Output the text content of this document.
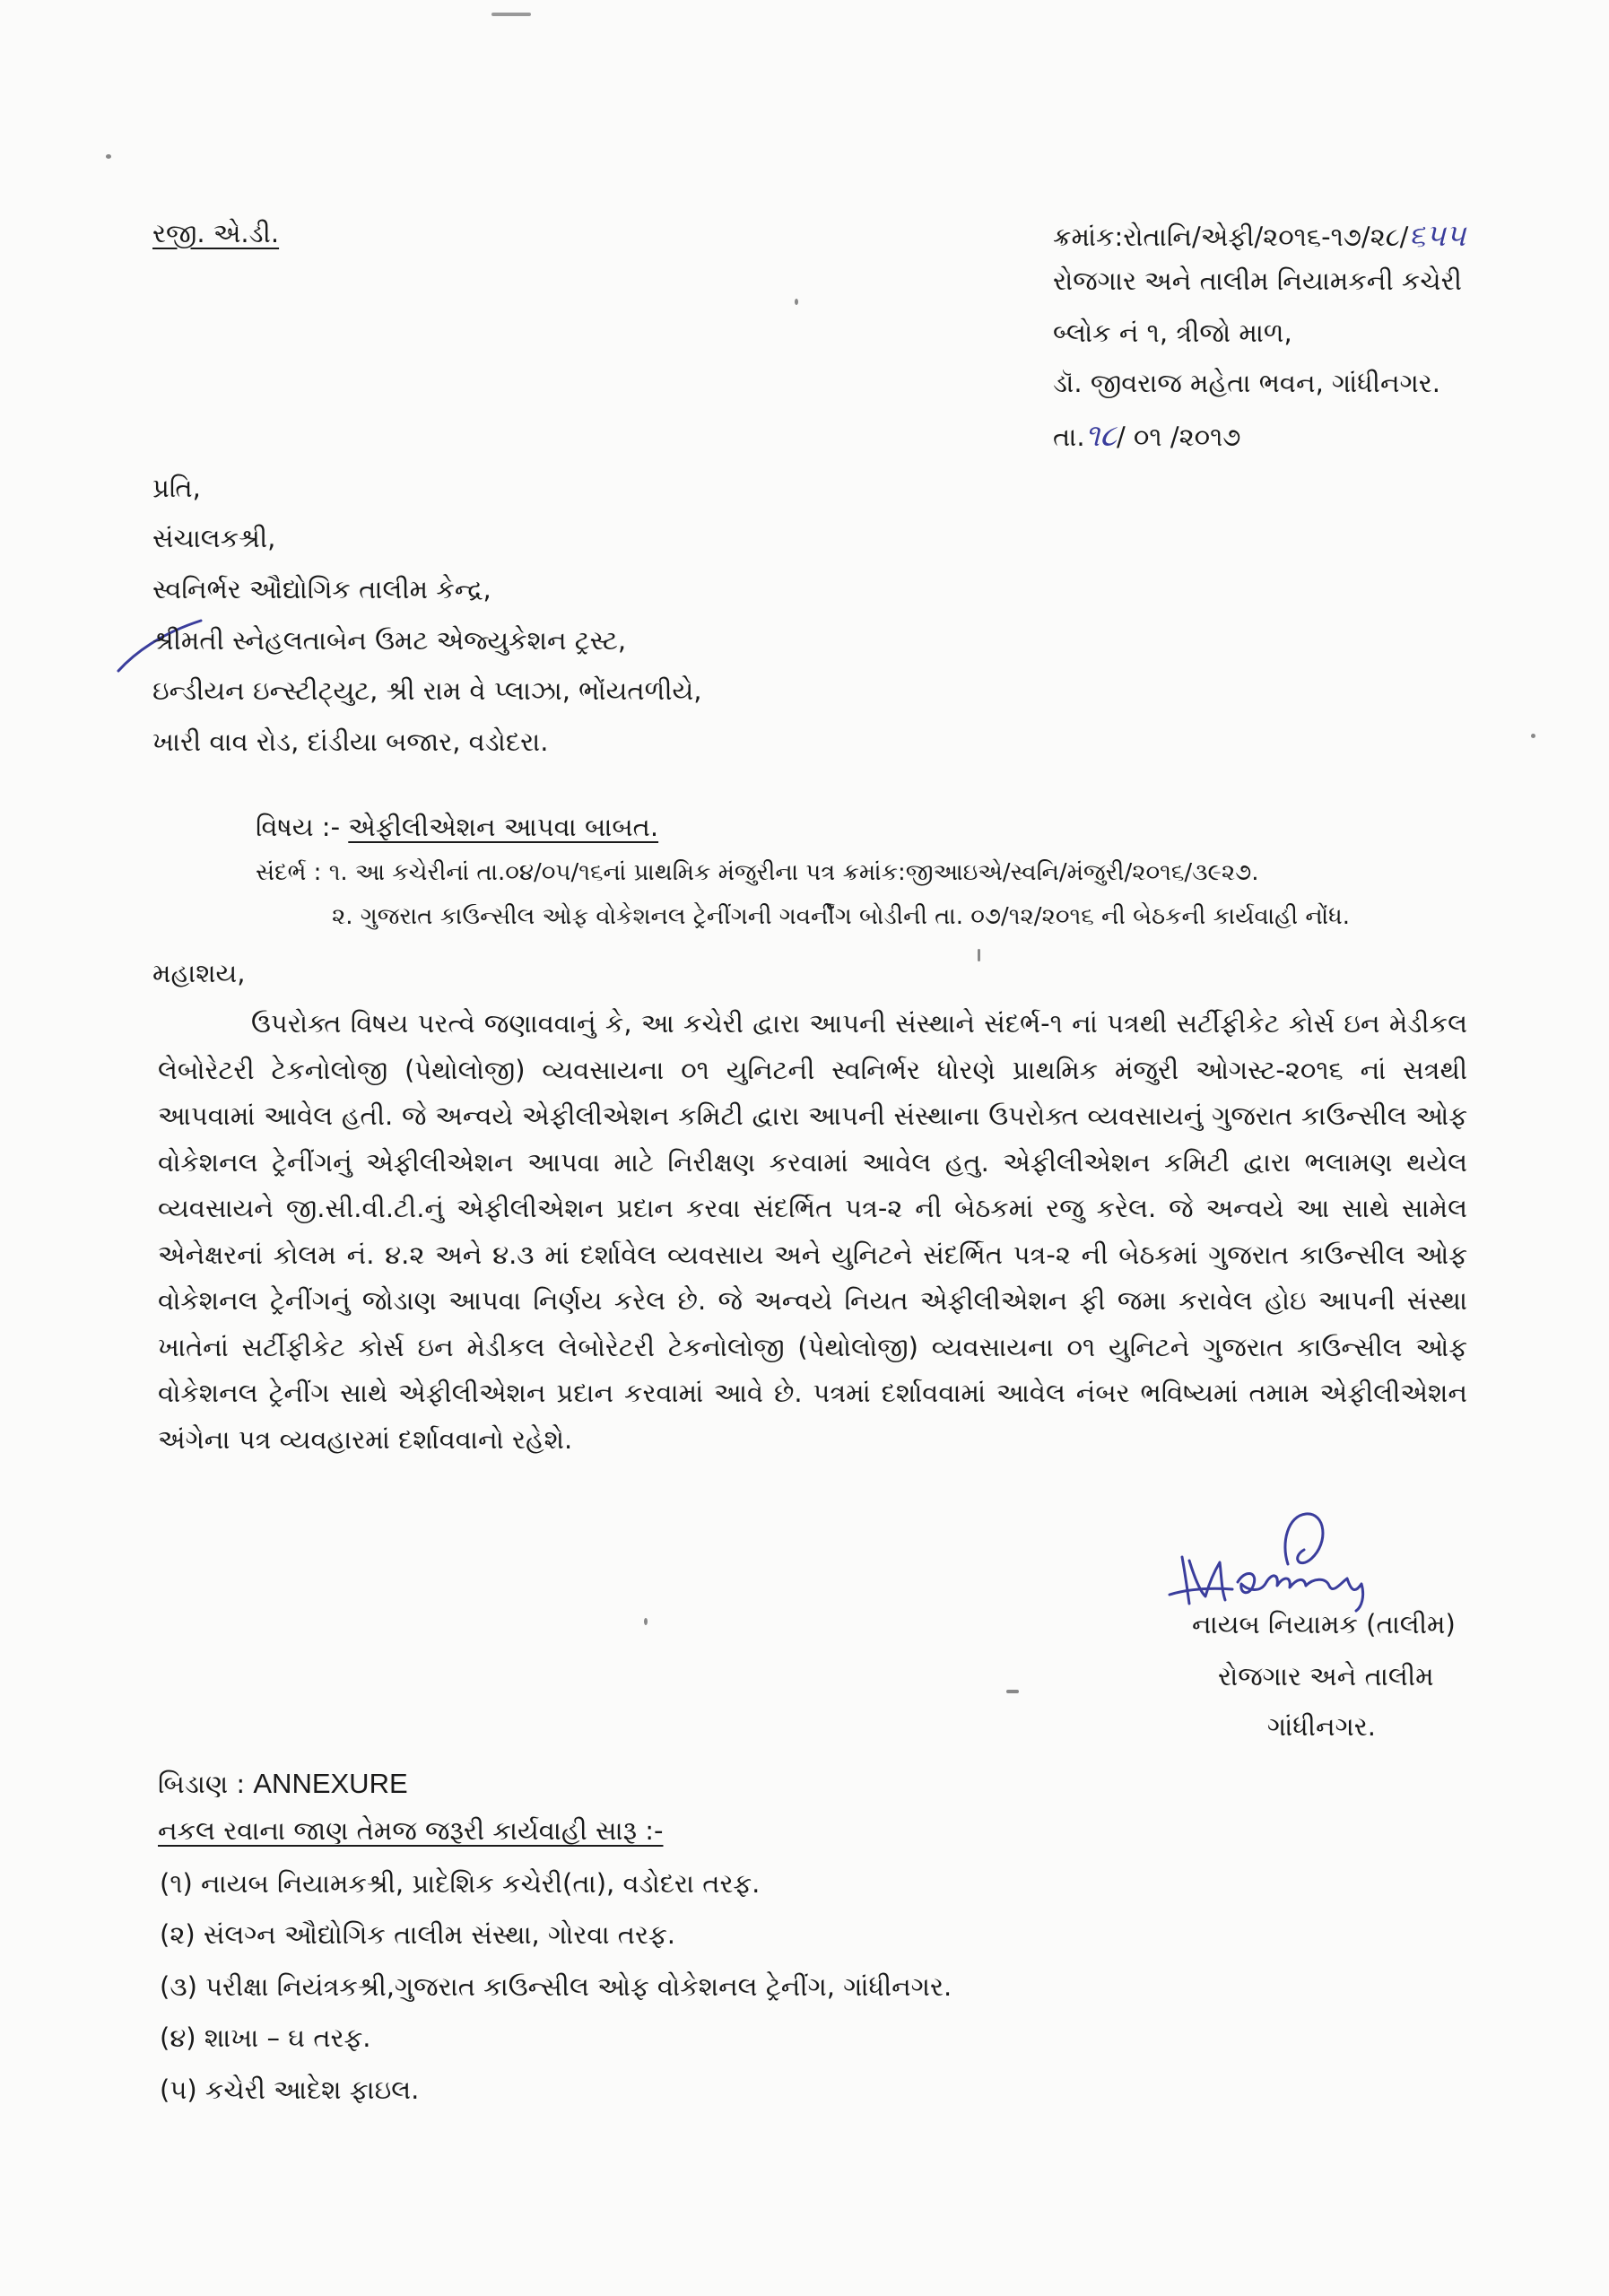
રજી. એ.ડી.	ક્રમાંક:રોતાનિ/એફી/૨૦૧૬-૧૭/૨૮/૬૫૫
રોજગાર અને તાલીમ નિયામકની કચેરી
બ્લોક નં ૧, ત્રીજો માળ,
ડૉ. જીવરાજ મહેતા ભવન, ગાંધીનગર.
તા.૧૮/ ૦૧ /૨૦૧૭
પ્રતિ,
સંચાલકશ્રી,
સ્વનિર્ભર ઔદ્યોગિક તાલીમ કેન્દ્ર,
શ્રીમતી સ્નેહલતાબેન ઉમટ એજ્યુકેશન ટ્રસ્ટ,
ઇન્ડીયન ઇન્સ્ટીટ્યુટ, શ્રી રામ વે પ્લાઝા, ભોંયતળીયે,
ખારી વાવ રોડ, દાંડીયા બજાર, વડોદરા.
વિષય :- એફીલીએશન આપવા બાબત.
સંદર્ભ : ૧. આ કચેરીનાં તા.૦૪/૦૫/૧૬નાં પ્રાથમિક મંજુરીના પત્ર ક્રમાંક:જીઆઇએ/સ્વનિ/મંજુરી/૨૦૧૬/૩૯૨૭.
૨. ગુજરાત કાઉન્સીલ ઓફ વોકેશનલ ટ્રેનીંગની ગવર્નીંગ બોડીની તા. ૦૭/૧૨/૨૦૧૬ ની બેઠકની કાર્યવાહી નોંધ.
મહાશય,

ઉપરોક્ત વિષય પરત્વે જણાવવાનું કે, આ કચેરી દ્વારા આપની સંસ્થાને સંદર્ભ-૧ નાં પત્રથી સર્ટીફીકેટ કોર્સ ઇન મેડીકલ લેબોરેટરી ટેકનોલોજી (પેથોલોજી) વ્યવસાયના ૦૧ યુનિટની સ્વનિર્ભર ધોરણે પ્રાથમિક મંજુરી ઓગસ્ટ-૨૦૧૬ નાં સત્રથી આપવામાં આવેલ હતી. જે અન્વયે એફીલીએશન કમિટી દ્વારા આપની સંસ્થાના ઉપરોક્ત વ્યવસાયનું ગુજરાત કાઉન્સીલ ઓફ વોકેશનલ ટ્રેનીંગનું એફીલીએશન આપવા માટે નિરીક્ષણ કરવામાં આવેલ હતુ. એફીલીએશન કમિટી દ્વારા ભલામણ થયેલ વ્યવસાયને જી.સી.વી.ટી.નું એફીલીએશન પ્રદાન કરવા સંદર્ભિત પત્ર-૨ ની બેઠકમાં રજુ કરેલ. જે અન્વયે આ સાથે સામેલ એનેક્ષરનાં કોલમ નં. ૪.૨ અને ૪.૩ માં દર્શાવેલ વ્યવસાય અને યુનિટને સંદર્ભિત પત્ર-૨ ની બેઠકમાં ગુજરાત કાઉન્સીલ ઓફ વોકેશનલ ટ્રેનીંગનું જોડાણ આપવા નિર્ણય કરેલ છે. જે અન્વયે નિયત એફીલીએશન ફી જમા કરાવેલ હોઇ આપની સંસ્થા ખાતેનાં સર્ટીફીકેટ કોર્સ ઇન મેડીકલ લેબોરેટરી ટેકનોલોજી (પેથોલોજી) વ્યવસાયના ૦૧ યુનિટને ગુજરાત કાઉન્સીલ ઓફ વોકેશનલ ટ્રેનીંગ સાથે એફીલીએશન પ્રદાન કરવામાં આવે છે. પત્રમાં દર્શાવવામાં આવેલ નંબર ભવિષ્યમાં તમામ એફીલીએશન અંગેના પત્ર વ્યવહારમાં દર્શાવવાનો રહેશે.

નાયબ નિયામક (તાલીમ)
રોજગાર અને તાલીમ
ગાંધીનગર.
બિડાણ : ANNEXURE
નકલ રવાના જાણ તેમજ જરૂરી કાર્યવાહી સારૂ :-
(૧) નાયબ નિયામકશ્રી, પ્રાદેશિક કચેરી(તા), વડોદરા તરફ.
(૨) સંલગ્ન ઔદ્યોગિક તાલીમ સંસ્થા, ગોરવા તરફ.
(૩) પરીક્ષા નિયંત્રકશ્રી,ગુજરાત કાઉન્સીલ ઓફ વોકેશનલ ટ્રેનીંગ, ગાંધીનગર.
(૪) શાખા – ઘ તરફ.
(૫) કચેરી આદેશ ફાઇલ.
